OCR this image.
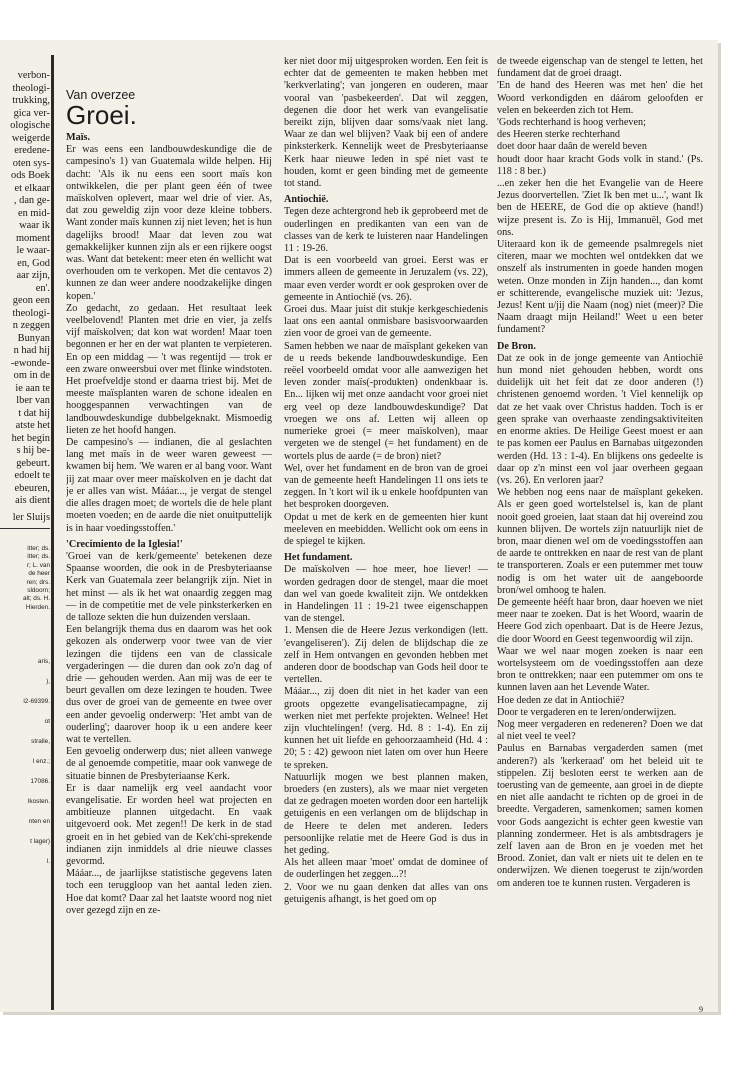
verbon-
theologi-
trukking,
gica ver-
ologische
weigerde
eredene-
oten sys-
ods Boek
et elkaar
, dan ge-
en mid-
waar ik
moment
le waar-
en, God
aar zijn,
en'.
geon een
theologi-
n zeggen
Bunyan
n had hij
-ewonde-
om in de
ie aan te
lber van
t dat hij
atste het
het begin
s hij be-
gebeurt.
edoelt te
ebeuren,
ais dient
ler Sluijs
itter; ds.
itter; ds.
r; L. van
de heer
ren; drs.
sldoorn;
alt; ds. H.
Hierden.
aris,
),
l2-69399.
ot
stralle,
l enz.;
17086.
lkosten.
nten en
t lager)
l.
Van overzee
Groei.

Maïs.

Er was eens een landbouwdeskundige die de campesino's 1) van Guatemala wilde helpen. Hij dacht: 'Als ik nu eens een soort maïs kon ontwikkelen, die per plant geen één of twee maïskolven oplevert, maar wel drie of vier. As, dat zou geweldig zijn voor deze kleine tobbers. Want zonder maïs kunnen zij niet leven; het is hun dagelijks brood! Maar dat leven zou wat gemakkelijker kunnen zijn als er een rijkere oogst was. Want dat betekent: meer eten én wellicht wat overhouden om te verkopen. Met die centavos 2) kunnen ze dan weer andere noodzakelijke dingen kopen.'

Zo gedacht, zo gedaan. Het resultaat leek veelbelovend! Planten met drie en vier, ja zelfs vijf maïskolven; dat kon wat worden! Maar toen begonnen er her en der wat planten te verpieteren. En op een middag — 't was regentijd — trok er een zware onweersbui over met flinke windstoten. Het proefveldje stond er daarna triest bij. Met de meeste maïsplanten waren de schone idealen en hooggespannen verwachtingen van de landbouwdeskundige dubbelgeknakt. Mismoedig lieten ze het hoofd hangen.

De campesino's — indianen, die al geslachten lang met maïs in de weer waren geweest — kwamen bij hem. 'We waren er al bang voor. Want jij zat maar over meer maïskolven en je dacht dat je er alles van wist. Mááar..., je vergat de stengel die alles dragen moet; de wortels die de hele plant moeten voeden; en de aarde die niet onuitputtelijk is in haar voedingsstoffen.'

'Crecimiento de la Iglesia!'

'Groei van de kerk/gemeente' betekenen deze Spaanse woorden, die ook in de Presbyteriaanse Kerk van Guatemala zeer belangrijk zijn. Niet in het minst — als ik het wat onaardig zeggen mag — in de competitie met de vele pinksterkerken en de talloze sekten die hun duizenden verslaan.

Een belangrijk thema dus en daarom was het ook gekozen als onderwerp voor twee van de vier lezingen die tijdens een van de classicale vergaderingen — die duren dan ook zo'n dag of drie — gehouden werden. Aan mij was de eer te beurt gevallen om deze lezingen te houden. Twee dus over de groei van de gemeente en twee over een ander gevoelig onderwerp: 'Het ambt van de ouderling'; daarover hoop ik u een andere keer wat te vertellen.

Een gevoelig onderwerp dus; niet alleen vanwege de al genoemde competitie, maar ook vanwege de situatie binnen de Presbyteriaanse Kerk.

Er is daar namelijk erg veel aandacht voor evangelisatie. Er worden heel wat projecten en ambitieuze plannen uitgedacht. En vaak uitgevoerd ook. Met zegen!! De kerk in de stad groeit en in het gebied van de Kek'chi-sprekende indianen zijn inmiddels al drie nieuwe classes gevormd.

Mááar..., de jaarlijkse statistische gegevens laten toch een teruggloop van het aantal leden zien. Hoe dat komt? Daar zal het laatste woord nog niet over gezegd zijn en ze-

ker niet door mij uitgesproken worden. Een feit is echter dat de gemeenten te maken hebben met 'kerkverlating'; van jongeren en ouderen, maar vooral van 'pasbekeerden'. Dat wil zeggen, degenen die door het werk van evangelisatie bereikt zijn, blijven daar soms/vaak niet lang. Waar ze dan wel blijven? Vaak bij een of andere pinksterkerk. Kennelijk weet de Presbyteriaanse Kerk haar nieuwe leden in spé niet vast te houden, komt er geen binding met de gemeente tot stand.

Antiochië.

Tegen deze achtergrond heb ik geprobeerd met de ouderlingen en predikanten van een van de classes van de kerk te luisteren naar Handelingen 11 : 19-26.

Dat is een voorbeeld van groei. Eerst was er immers alleen de gemeente in Jeruzalem (vs. 22), maar even verder wordt er ook gesproken over de gemeente in Antiochië (vs. 26).

Groei dus. Maar juist dit stukje kerkgeschiedenis laat ons een aantal onmisbare basisvoorwaarden zien voor de groei van de gemeente.

Samen hebben we naar de maïsplant gekeken van de u reeds bekende landbouwdeskundige. Een reëel voorbeeld omdat voor alle aanwezigen het leven zonder maïs(-produkten) ondenkbaar is. En... lijken wij met onze aandacht voor groei niet erg veel op deze landbouwdeskundige? Dat vroegen we ons af. Letten wij alleen op numerieke groei (= meer maïskolven), maar vergeten we de stengel (= het fundament) en de wortels plus de aarde (= de bron) niet?

Wel, over het fundament en de bron van de groei van de gemeente heeft Handelingen 11 ons iets te zeggen. In 't kort wil ik u enkele hoofdpunten van het besproken doorgeven.

Opdat u met de kerk en de gemeenten hier kunt meeleven en meebidden. Wellicht ook om eens in de spiegel te kijken.

Het fundament.

De maïskolven — hoe meer, hoe liever! — worden gedragen door de stengel, maar die moet dan wel van goede kwaliteit zijn. We ontdekken in Handelingen 11 : 19-21 twee eigenschappen van de stengel.

1. Mensen die de Heere Jezus verkondigen (lett. 'evangeliseren'). Zij delen de blijdschap die ze zelf in Hem ontvangen en gevonden hebben met anderen door de boodschap van Gods heil door te vertellen.

Mááar..., zij doen dit niet in het kader van een groots opgezette evangelisatiecampagne, zij werken niet met perfekte projekten. Welnee! Het zijn vluchtelingen! (verg. Hd. 8 : 1-4). En zij kunnen het uit liefde en gehoorzaamheid (Hd. 4 : 20; 5 : 42) gewoon niet laten om over hun Heere te spreken.

Natuurlijk mogen we best plannen maken, broeders (en zusters), als we maar niet vergeten dat ze gedragen moeten worden door een hartelijk getuigenis en een verlangen om de blijdschap in de Heere te delen met anderen. Ieders persoonlijke relatie met de Heere God is dus in het geding.

Als het alleen maar 'moet' omdat de dominee of de ouderlingen het zeggen...?!

2. Voor we nu gaan denken dat alles van ons getuigenis afhangt, is het goed om op

de tweede eigenschap van de stengel te letten, het fundament dat de groei draagt.

'En de hand des Heeren was met hen' die het Woord verkondigden en dáárom geloofden er velen en bekeerden zich tot Hem.

'Gods rechterhand is hoog verheven;

des Heeren sterke rechterhand

doet door haar daân de wereld beven

houdt door haar kracht Gods volk in stand.' (Ps. 118 : 8 ber.)

...en zeker hen die het Evangelie van de Heere Jezus doorvertellen. 'Ziet Ik ben met u...', want Ik ben de HEERE, de God die op aktieve (hand!) wijze present is. Zo is Hij, Immanuël, God met ons.

Uiteraard kon ik de gemeende psalmregels niet citeren, maar we mochten wel ontdekken dat we onszelf als instrumenten in goede handen mogen weten. Onze monden in Zijn handen..., dan komt er schitterende, evangelische muziek uit: 'Jezus, Jezus! Kent u/jij die Naam (nog) niet (meer)? Die Naam draagt mijn Heiland!' Weet u een beter fundament?

De Bron.

Dat ze ook in de jonge gemeente van Antiochië hun mond niet gehouden hebben, wordt ons duidelijk uit het feit dat ze door anderen (!) christenen genoemd worden. 't Viel kennelijk op dat ze het vaak over Christus hadden. Toch is er geen sprake van overhaaste zendingsaktiviteiten en enorme akties. De Heilige Geest moest er aan te pas komen eer Paulus en Barnabas uitgezonden werden (Hd. 13 : 1-4). En blijkens ons gedeelte is daar op z'n minst een vol jaar overheen gegaan (vs. 26). En verloren jaar?

We hebben nog eens naar de maïsplant gekeken. Als er geen goed wortelstelsel is, kan de plant nooit goed groeien, laat staan dat hij overeind zou kunnen blijven. De wortels zijn natuurlijk niet de bron, maar dienen wel om de voedingsstoffen aan de aarde te onttrekken en naar de rest van de plant te transporteren. Zoals er een putemmer met touw nodig is om het water uit de aangeboorde bron/wel omhoog te halen.

De gemeente hééft haar bron, daar hoeven we niet meer naar te zoeken. Dat is het Woord, waarin de Heere God zich openbaart. Dat is de Heere Jezus, die door Woord en Geest tegenwoordig wil zijn.

Waar we wel naar mogen zoeken is naar een wortelsysteem om de voedingsstoffen aan deze bron te onttrekken; naar een putemmer om ons te kunnen laven aan het Levende Water.

Hoe deden ze dat in Antiochië?

Door te vergaderen en te leren/onderwijzen.

Nog meer vergaderen en redeneren? Doen we dat al niet veel te veel?

Paulus en Barnabas vergaderden samen (met anderen?) als 'kerkeraad' om het beleid uit te stippelen. Zij besloten eerst te werken aan de toerusting van de gemeente, aan groei in de diepte en niet alle aandacht te richten op de groei in de breedte. Vergaderen, samenkomen; samen komen voor Gods aangezicht is echter geen kwestie van planning zondermeer. Het is als ambtsdragers je zelf laven aan de Bron en je voeden met het Brood. Zoniet, dan valt er niets uit te delen en te onderwijzen. We dienen toegerust te zijn/worden om anderen toe te kunnen rusten. Vergaderen is

9
